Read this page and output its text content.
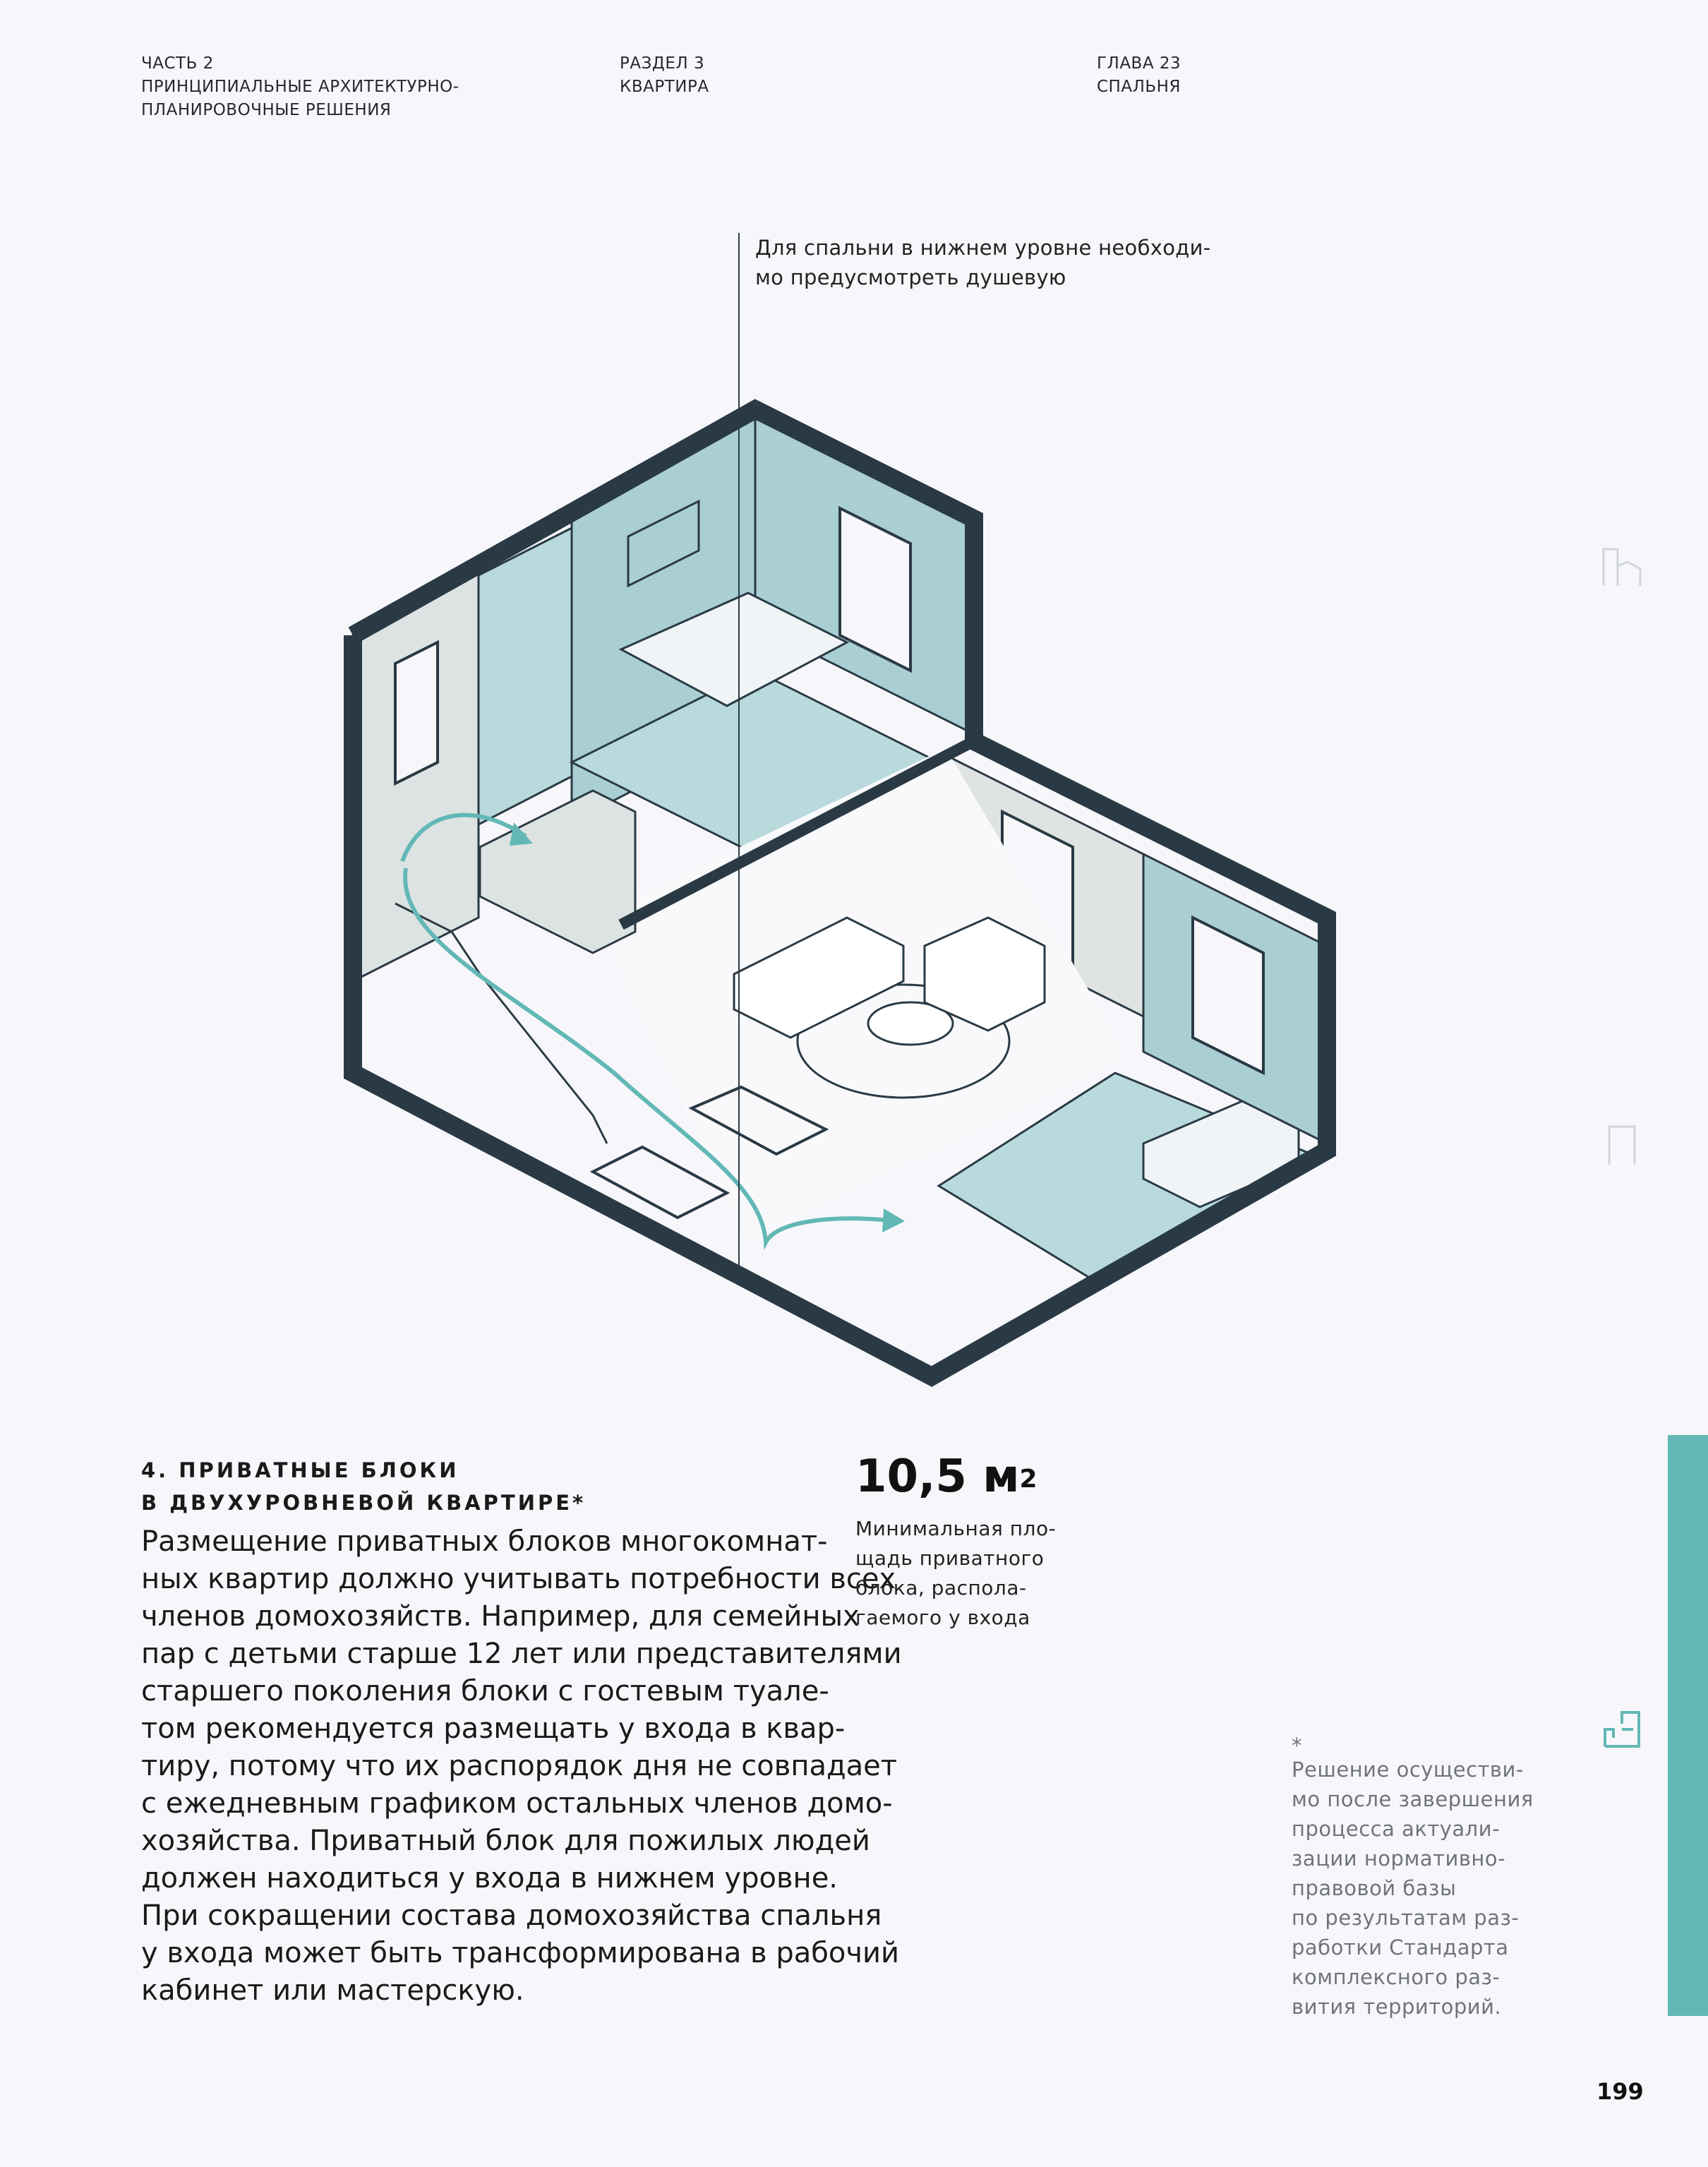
ЧАСТЬ 2
ПРИНЦИПИАЛЬНЫЕ АРХИТЕКТУРНО-
ПЛАНИРОВОЧНЫЕ РЕШЕНИЯ
РАЗДЕЛ 3
КВАРТИРА
ГЛАВА 23
СПАЛЬНЯ
Для спальни в нижнем уровне необходи-
мо предусмотреть душевую
4. ПРИВАТНЫЕ БЛОКИ
В ДВУХУРОВНЕВОЙ КВАРТИРЕ*
Размещение приватных блоков многокомнат-
ных квартир должно учитывать потребности всех
членов домохозяйств. Например, для семейных
пар с детьми старше 12 лет или представителями
старшего поколения блоки с гостевым туале-
том рекомендуется размещать у входа в квар-
тиру, потому что их распорядок дня не совпадает
с ежедневным графиком остальных членов домо-
хозяйства. Приватный блок для пожилых людей
должен находиться у входа в нижнем уровне.
При сокращении состава домохозяйства спальня
у входа может быть трансформирована в рабочий
кабинет или мастерскую.
10,5 $м^2$
Минимальная пло-
щадь приватного
блока, распола-
гаемого у входа
*
Решение осуществи-
мо после завершения
процесса актуали-
зации нормативно-
правовой базы
по результатам раз-
работки Стандарта
комплексного раз-
вития территорий.
199
